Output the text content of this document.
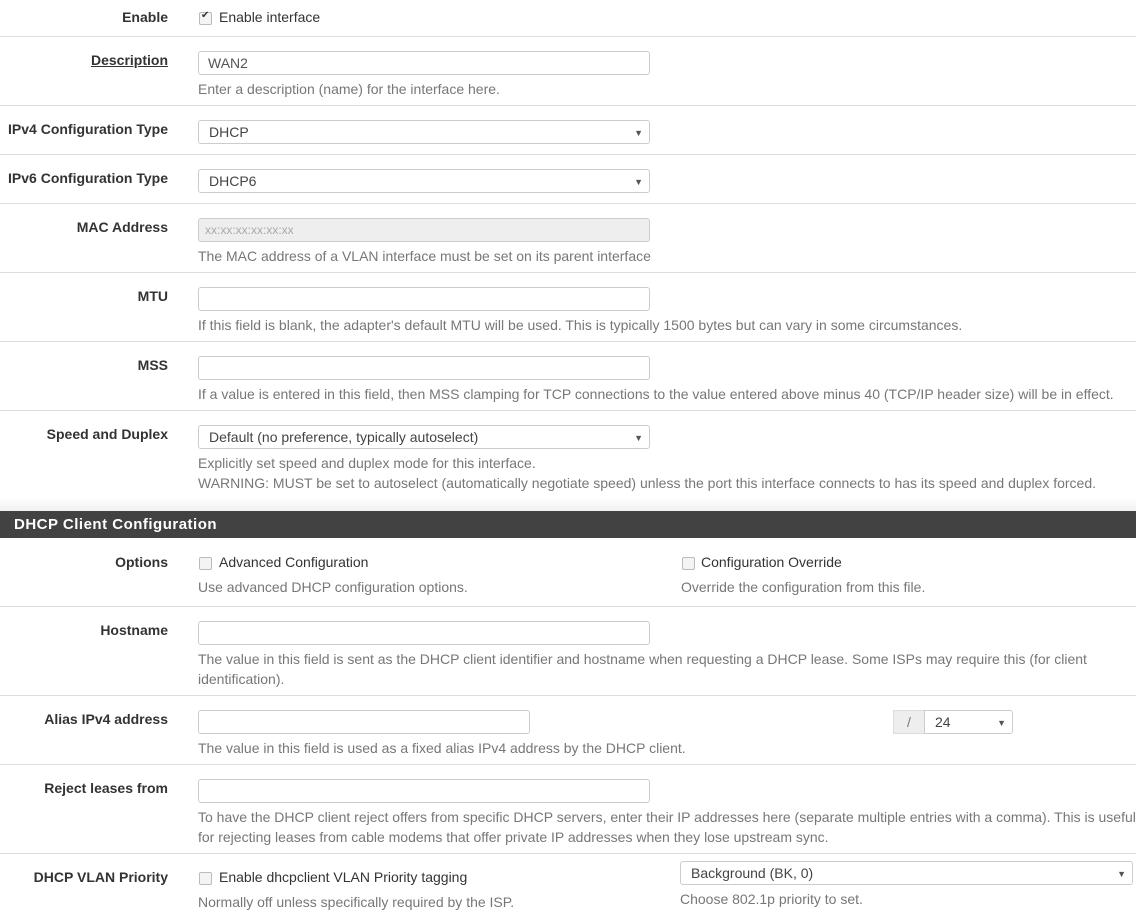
Enable ✔	Enable interface
Description	WAN2
Enter a description (name) for the interface here.
IPv4 Configuration Type	DHCP	▼
IPv6 Configuration Type	DHCP6	▼
MAC Address	xx:xx:xx:xx:xx:xx
The MAC address of a VLAN interface must be set on its parent interface
MTU
If this field is blank, the adapter's default MTU will be used. This is typically 1500 bytes but can vary in some circumstances.
MSS
If a value is entered in this field, then MSS clamping for TCP connections to the value entered above minus 40 (TCP/IP header size) will be in effect.
Speed and Duplex	Default (no preference, typically autoselect)	▼
Explicitly set speed and duplex mode for this interface.
WARNING: MUST be set to autoselect (automatically negotiate speed) unless the port this interface connects to has its speed and duplex forced.
DHCP Client Configuration
Options	Advanced Configuration
Use advanced DHCP configuration options.
Configuration Override
Override the configuration from this file.
Hostname
The value in this field is sent as the DHCP client identifier and hostname when requesting a DHCP lease. Some ISPs may require this (for client
identification).
Alias IPv4 address	/	24	▼
The value in this field is used as a fixed alias IPv4 address by the DHCP client.
Reject leases from
To have the DHCP client reject offers from specific DHCP servers, enter their IP addresses here (separate multiple entries with a comma). This is useful
for rejecting leases from cable modems that offer private IP addresses when they lose upstream sync.
DHCP VLAN Priority	Enable dhcpclient VLAN Priority tagging
Normally off unless specifically required by the ISP.
Background (BK, 0)	▼
Choose 802.1p priority to set.
